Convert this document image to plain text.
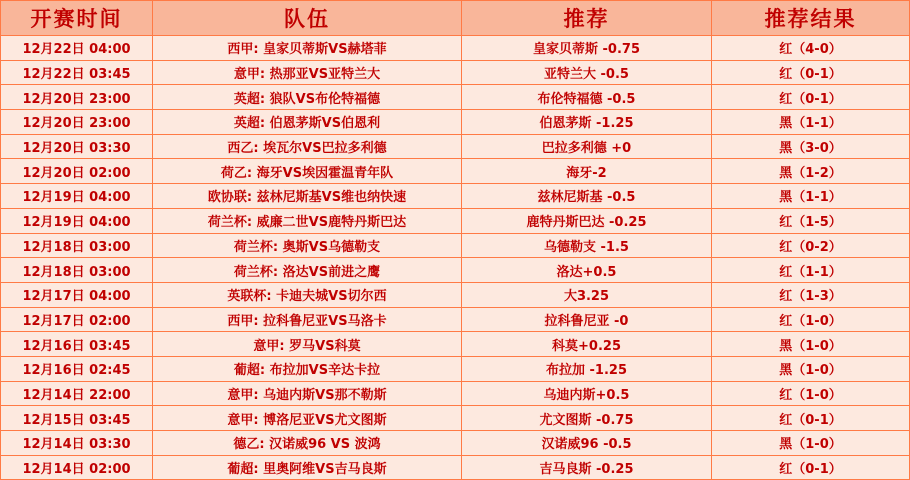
开赛时间	队伍	推荐	推荐结果
12月22日 04:00	西甲: 皇家贝蒂斯VS赫塔菲	皇家贝蒂斯 -0.75	红（4-0）
12月22日 03:45	意甲: 热那亚VS亚特兰大	亚特兰大 -0.5	红（0-1）
12月20日 23:00	英超: 狼队VS布伦特福德	布伦特福德 -0.5	红（0-1）
12月20日 23:00	英超: 伯恩茅斯VS伯恩利	伯恩茅斯 -1.25	黑（1-1）
12月20日 03:30	西乙: 埃瓦尔VS巴拉多利德	巴拉多利德 +0	黑（3-0）
12月20日 02:00	荷乙: 海牙VS埃因霍温青年队	海牙-2	黑（1-2）
12月19日 04:00	欧协联: 兹林尼斯基VS维也纳快速	兹林尼斯基 -0.5	黑（1-1）
12月19日 04:00	荷兰杯: 威廉二世VS鹿特丹斯巴达	鹿特丹斯巴达 -0.25	红（1-5）
12月18日 03:00	荷兰杯: 奥斯VS乌德勒支	乌德勒支 -1.5	红（0-2）
12月18日 03:00	荷兰杯: 洛达VS前进之鹰	洛达+0.5	红（1-1）
12月17日 04:00	英联杯: 卡迪夫城VS切尔西	大3.25	红（1-3）
12月17日 02:00	西甲: 拉科鲁尼亚VS马洛卡	拉科鲁尼亚 -0	红（1-0）
12月16日 03:45	意甲: 罗马VS科莫	科莫+0.25	黑（1-0）
12月16日 02:45	葡超: 布拉加VS辛达卡拉	布拉加 -1.25	黑（1-0）
12月14日 22:00	意甲: 乌迪内斯VS那不勒斯	乌迪内斯+0.5	红（1-0）
12月15日 03:45	意甲: 博洛尼亚VS尤文图斯	尤文图斯 -0.75	红（0-1）
12月14日 03:30	德乙: 汉诺威96 VS 波鸿	汉诺威96 -0.5	黑（1-0）
12月14日 02:00	葡超: 里奥阿维VS吉马良斯	吉马良斯 -0.25	红（0-1）
